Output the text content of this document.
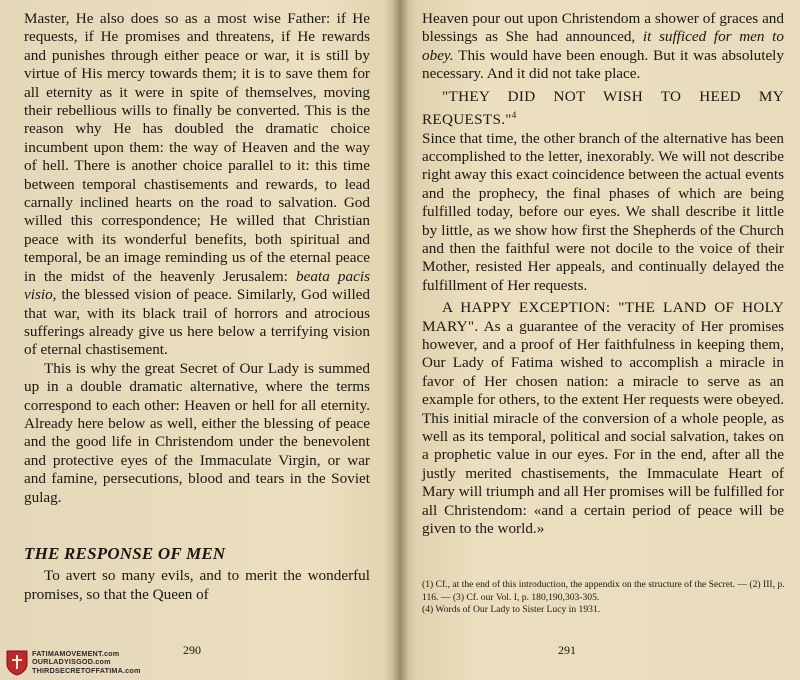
Master, He also does so as a most wise Father: if He requests, if He promises and threatens, if He rewards and punishes through either peace or war, it is still by virtue of His mercy towards them; it is to save them for all eternity as it were in spite of themselves, moving their rebellious wills to finally be converted. This is the reason why He has doubled the dramatic choice incumbent upon them: the way of Heaven and the way of hell. There is another choice parallel to it: this time between temporal chastisements and rewards, to lead carnally inclined hearts on the road to salvation. God willed this correspondence; He willed that Christian peace with its wonderful benefits, both spiritual and temporal, be an image reminding us of the eternal peace in the midst of the heavenly Jerusalem: beata pacis visio, the blessed vision of peace. Similarly, God willed that war, with its black trail of horrors and atrocious sufferings already give us here below a terrifying vision of eternal chastisement.

This is why the great Secret of Our Lady is summed up in a double dramatic alternative, where the terms correspond to each other: Heaven or hell for all eternity. Already here below as well, either the blessing of peace and the good life in Christendom under the benevolent and protective eyes of the Immaculate Virgin, or war and famine, persecutions, blood and tears in the Soviet gulag.

THE RESPONSE OF MEN

To avert so many evils, and to merit the wonderful promises, so that the Queen of

290

Heaven pour out upon Christendom a shower of graces and blessings as She had announced, it sufficed for men to obey. This would have been enough. But it was absolutely necessary. And it did not take place.

"THEY DID NOT WISH TO HEED MY REQUESTS."$^4$

Since that time, the other branch of the alternative has been accomplished to the letter, inexorably. We will not describe right away this exact coincidence between the actual events and the prophecy, the final phases of which are being fulfilled today, before our eyes. We shall describe it little by little, as we show how first the Shepherds of the Church and then the faithful were not docile to the voice of their Mother, resisted Her appeals, and continually delayed the fulfillment of Her requests.

A HAPPY EXCEPTION: "THE LAND OF HOLY MARY". As a guarantee of the veracity of Her promises however, and a proof of Her faithfulness in keeping them, Our Lady of Fatima wished to accomplish a miracle in favor of Her chosen nation: a miracle to serve as an example for others, to the extent Her requests were obeyed. This initial miracle of the conversion of a whole people, as well as its temporal, political and social salvation, takes on a prophetic value in our eyes. For in the end, after all the justly merited chastisements, the Immaculate Heart of Mary will triumph and all Her promises will be fulfilled for all Christendom: «and a certain period of peace will be given to the world.»

(1) Cf., at the end of this introduction, the appendix on the structure of the Secret. — (2) III, p. 116. — (3) Cf. our Vol. I, p. 180,190,303-305.

(4) Words of Our Lady to Sister Lucy in 1931.

291
FATIMAMOVEMENT.com
OURLADYISGOD.com
THIRDSECRETOFFATIMA.com
